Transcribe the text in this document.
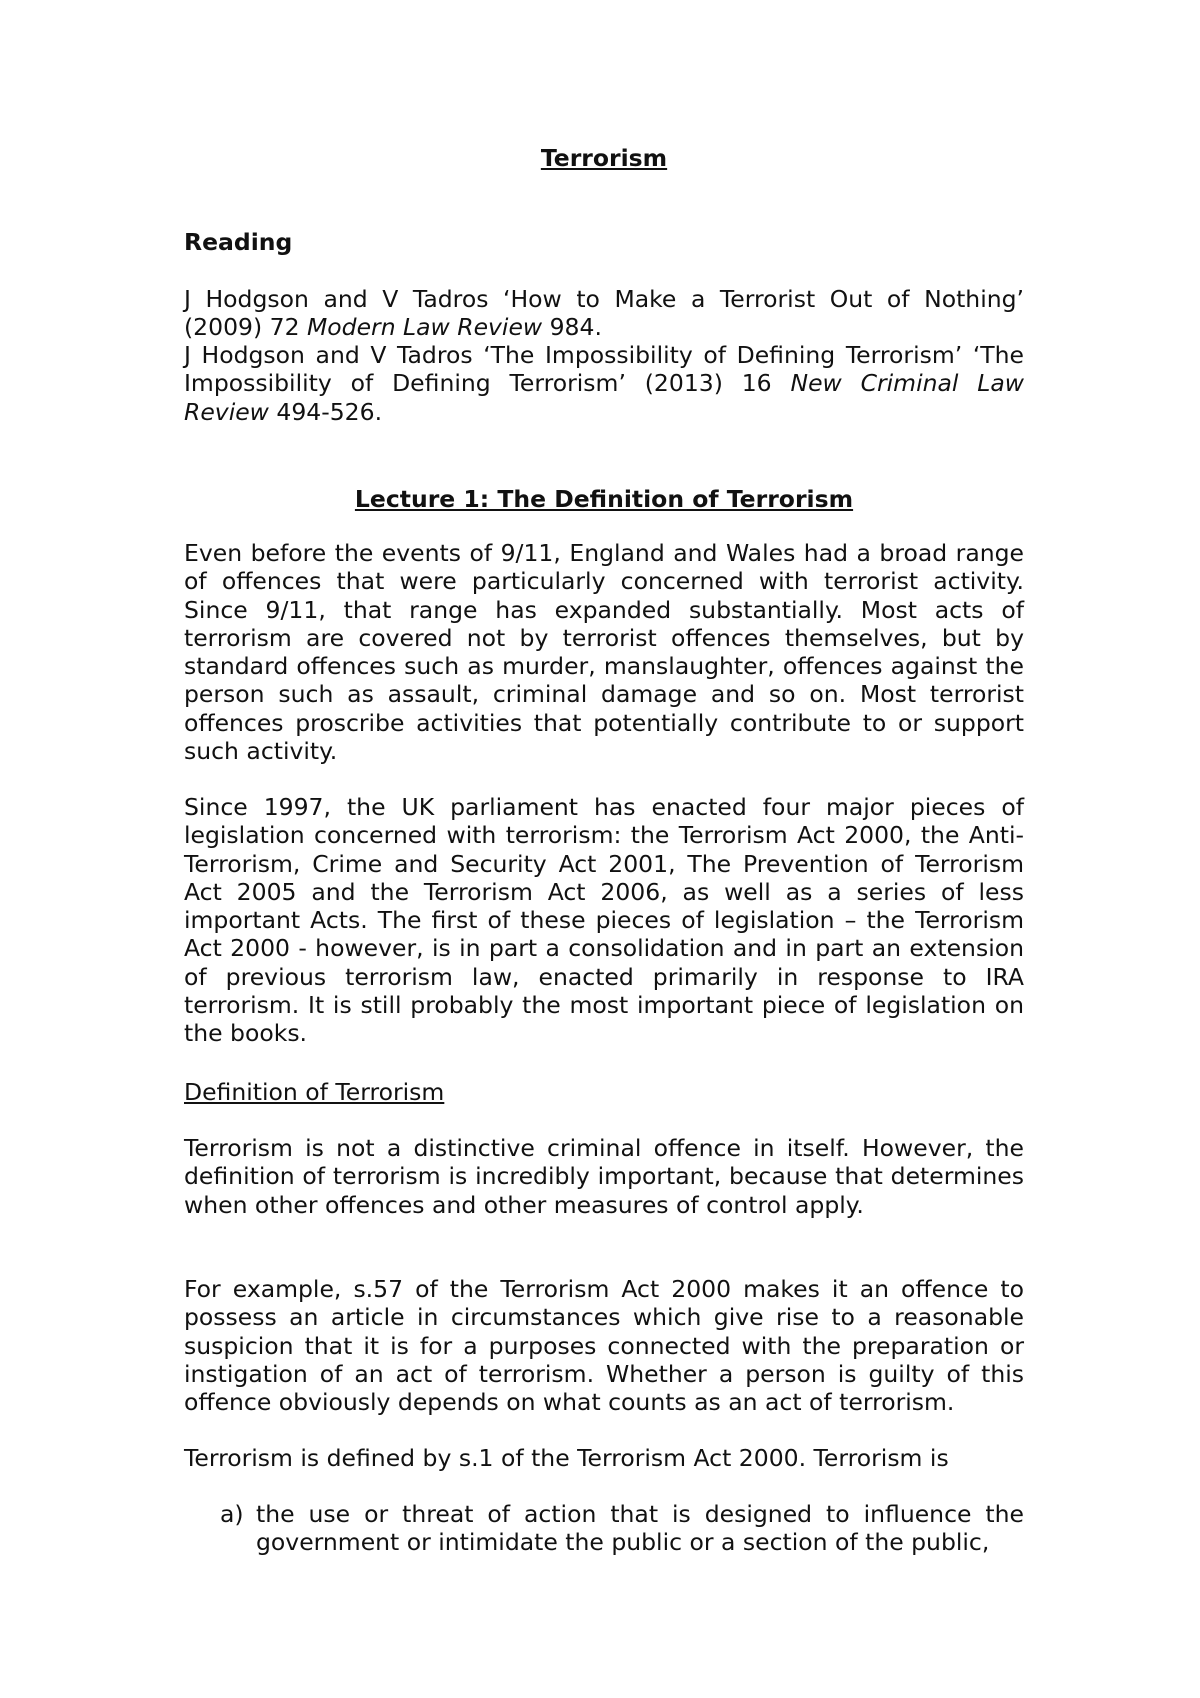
Terrorism

Reading

J Hodgson and V Tadros ‘How to Make a Terrorist Out of Nothing’ (2009) 72 Modern Law Review 984.

J Hodgson and V Tadros ‘The Impossibility of Defining Terrorism’ ‘The Impossibility of Defining Terrorism’ (2013) 16 New Criminal Law Review 494-526.

Lecture 1: The Definition of Terrorism

Even before the events of 9/11, England and Wales had a broad range of offences that were particularly concerned with terrorist activity. Since 9/11, that range has expanded substantially. Most acts of terrorism are covered not by terrorist offences themselves, but by standard offences such as murder, manslaughter, offences against the person such as assault, criminal damage and so on. Most terrorist offences proscribe activities that potentially contribute to or support such activity.

Since 1997, the UK parliament has enacted four major pieces of legislation concerned with terrorism: the Terrorism Act 2000, the Anti-Terrorism, Crime and Security Act 2001, The Prevention of Terrorism Act 2005 and the Terrorism Act 2006, as well as a series of less important Acts. The first of these pieces of legislation – the Terrorism Act 2000 - however, is in part a consolidation and in part an extension of previous terrorism law, enacted primarily in response to IRA terrorism. It is still probably the most important piece of legislation on the books.

Definition of Terrorism

Terrorism is not a distinctive criminal offence in itself. However, the definition of terrorism is incredibly important, because that determines when other offences and other measures of control apply.

For example, s.57 of the Terrorism Act 2000 makes it an offence to possess an article in circumstances which give rise to a reasonable suspicion that it is for a purposes connected with the preparation or instigation of an act of terrorism. Whether a person is guilty of this offence obviously depends on what counts as an act of terrorism.

Terrorism is defined by s.1 of the Terrorism Act 2000. Terrorism is

a) the use or threat of action that is designed to influence the government or intimidate the public or a section of the public,
